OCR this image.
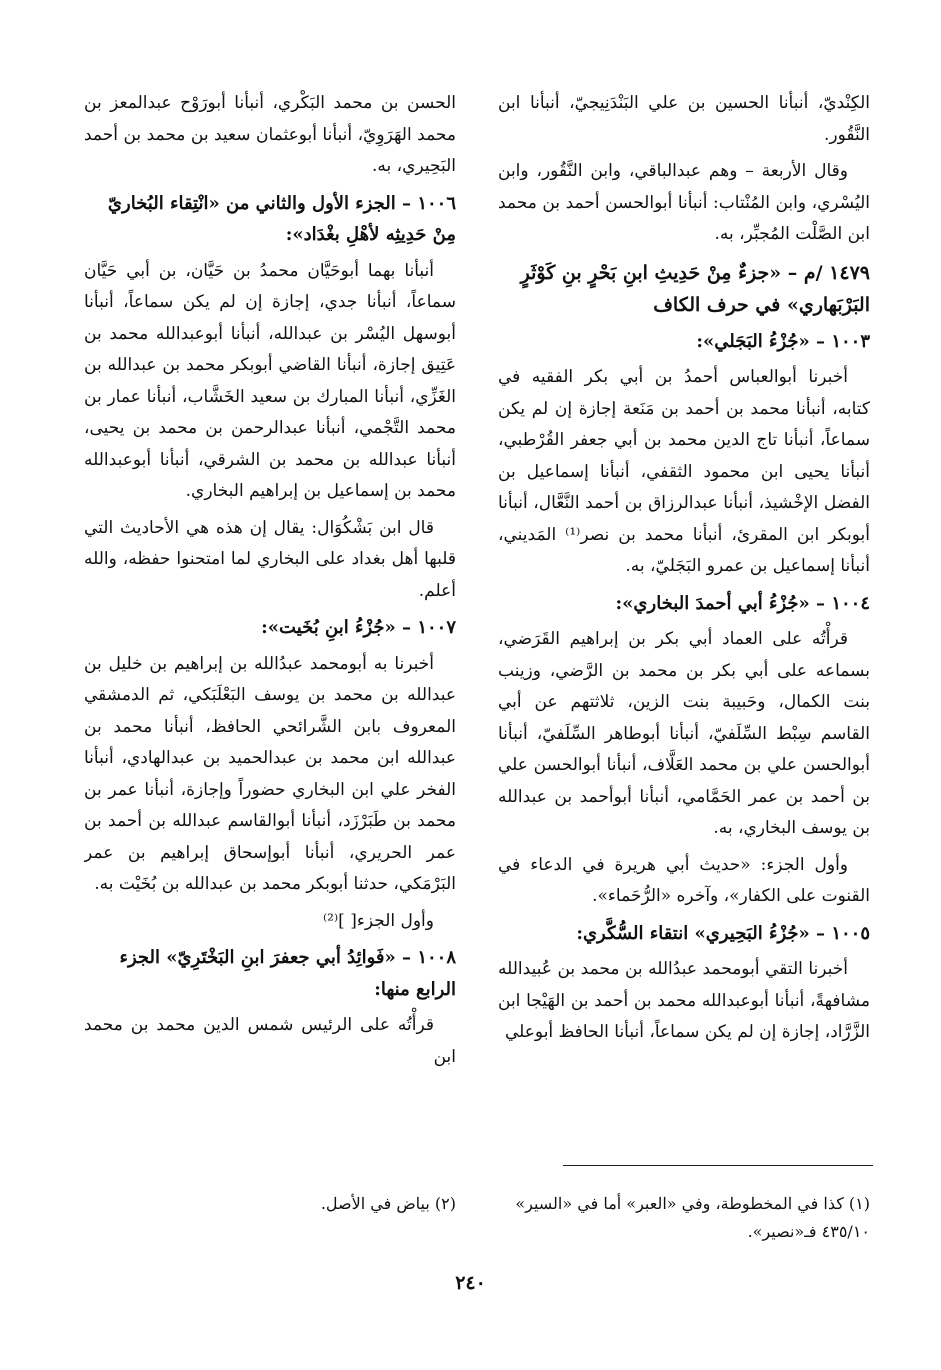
الكِنْديّ، أنبأنا الحسين بن علي البَنْدَنِيجيّ، أنبأنا ابن النَّقُور.

وقال الأربعة – وهم عبدالباقي، وابن النَّقُور، وابن اليُسْري، وابن المُنْتاب: أنبأنا أبوالحسن أحمد بن محمد ابن الصَّلْت المُجبِّر، به.

١٤٧٩ /م – «جزءٌ مِنْ حَدِيثِ ابنِ بَحْرٍ بنِ كَوْثَرٍ البَرْبَهاري» في حرف الكاف
١٠٠٣ – «جُزْءُ البَجَلي»:

أخبرنا أبوالعباس أحمدُ بن أبي بكر الفقيه في كتابه، أنبأنا محمد بن أحمد بن مَنَعة إجازة إن لم يكن سماعاً، أنبأنا تاج الدين محمد بن أبي جعفر القُرْطبي، أنبأنا يحيى ابن محمود الثقفي، أنبأنا إسماعيل بن الفضل الإخْشيذ، أنبأنا عبدالرزاق بن أحمد النَّعَّال، أنبأنا أبوبكر ابن المقرئ، أنبأنا محمد بن نصر⁽¹⁾ المَديني، أنبأنا إسماعيل بن عمرو البَجَليّ، به.

١٠٠٤ – «جُزْءُ أبي أحمدَ البخاري»:

قرأْتُه على العماد أبي بكر بن إبراهيم القَرَضي، بسماعه على أبي بكر بن محمد بن الرَّضي، وزينب بنت الكمال، وحَبيبة بنت الزين، ثلاثتهم عن أبي القاسم سِبْط السِّلَفيّ، أنبأنا أبوطاهر السِّلَفيّ، أنبأنا أبوالحسن علي بن محمد العَلَّاف، أنبأنا أبوالحسن علي بن أحمد بن عمر الحَمَّامي، أنبأنا أبوأحمد بن عبدالله بن يوسف البخاري، به.

وأول الجزء: «حديث أبي هريرة في الدعاء في القنوت على الكفار»، وآخره «الرُّحَماء».

١٠٠٥ – «جُزْءُ البَحِيري» انتقاء السُّكَّري:

أخبرنا التقي أبومحمد عبدُالله بن محمد بن عُبيدالله مشافهةً، أنبأنا أبوعبدالله محمد بن أحمد بن الهَيْجا ابن الزَّرَّاد، إجازة إن لم يكن سماعاً، أنبأنا الحافظ أبوعلي

الحسن بن محمد البَكْري، أنبأنا أبورَوْح عبدالمعز بن محمد الهَرَوِيّ، أنبأنا أبوعثمان سعيد بن محمد بن أحمد البَحِيري، به.

١٠٠٦ – الجزء الأول والثاني من «انْتِقاء البُخاريّ مِنْ حَدِيثِه لأهْلِ بغْدَاد»:

أنبأنا بهما أبوحَيَّان محمدُ بن حَيَّان، بن أبي حَيَّان سماعاً، أنبأنا جدي، إجازة إن لم يكن سماعاً، أنبأنا أبوسهل اليُسْر بن عبدالله، أنبأنا أبوعبدالله محمد بن عَتِيق إجازة، أنبأنا القاضي أبوبكر محمد بن عبدالله بن الغَزِّي، أنبأنا المبارك بن سعيد الخَشَّاب، أنبأنا عمار بن محمد التَّجْمي، أنبأنا عبدالرحمن بن محمد بن يحيى، أنبأنا عبدالله بن محمد بن الشرقي، أنبأنا أبوعبدالله محمد بن إسماعيل بن إبراهيم البخاري.

قال ابن بَشْكُوَال: يقال إن هذه هي الأحاديث التي قلبها أهل بغداد على البخاري لما امتحنوا حفظه، والله أعلم.

١٠٠٧ – «جُزْءُ ابنِ بُخَيت»:

أخبرنا به أبومحمد عبدُالله بن إبراهيم بن خليل بن عبدالله بن محمد بن يوسف البَعْلَبَكي، ثم الدمشقي المعروف بابن الشَّرائحي الحافظ، أنبأنا محمد بن عبدالله ابن محمد بن عبدالحميد بن عبدالهادي، أنبأنا الفخر علي ابن البخاري حضوراً وإجازة، أنبأنا عمر بن محمد بن طَبَرْزَد، أنبأنا أبوالقاسم عبدالله بن أحمد بن عمر الحريري، أنبأنا أبوإسحاق إبراهيم بن عمر البَرْمَكي، حدثنا أبوبكر محمد بن عبدالله بن بُخَيْت به.

وأول الجزء[ ]⁽²⁾

١٠٠٨ – «فَوائِدُ أبي جعفرَ ابنِ البَخْتَرِيّ» الجزء الرابع منها:

قرأْتُه على الرئيس شمس الدين محمد بن محمد ابن

(١) كذا في المخطوطة، وفي «العبر» أما في «السير» ٤٣٥/١٠ فـ«نصير».
(٢) بياض في الأصل.
٢٤٠
